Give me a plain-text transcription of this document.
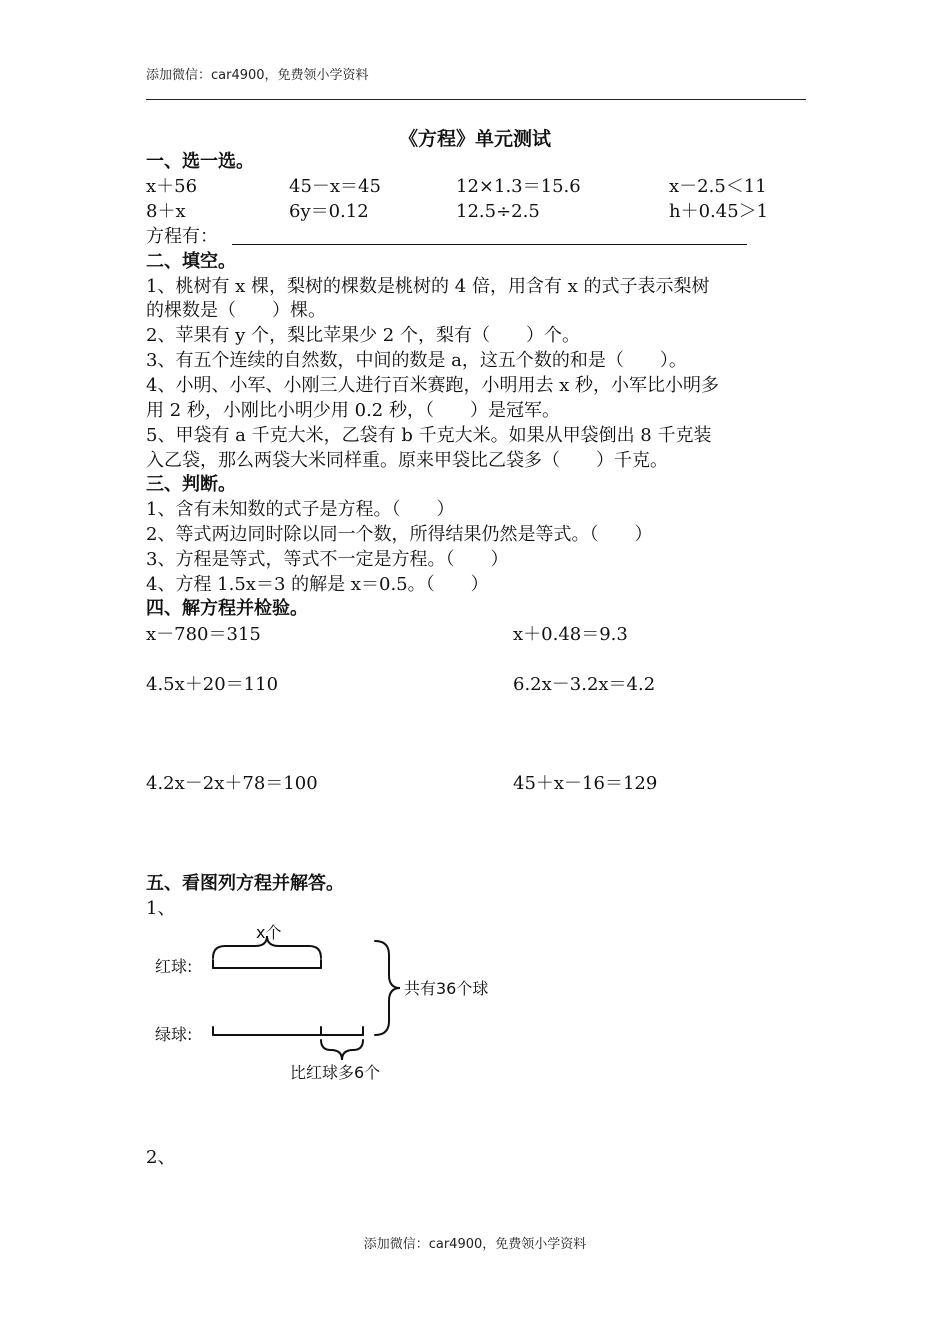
添加微信：car4900，免费领小学资料
《方程》单元测试
一、选一选。
x＋56	45－x＝45	12×1.3＝15.6	x－2.5＜11
8＋x	6y＝0.12	12.5÷2.5	h＋0.45＞1
方程有：
二、填空。
1、桃树有 x 棵，梨树的棵数是桃树的 4 倍，用含有 x 的式子表示梨树
的棵数是（　　）棵。
2、苹果有 y 个，梨比苹果少 2 个，梨有（　　）个。
3、有五个连续的自然数，中间的数是 a，这五个数的和是（　　）。
4、小明、小军、小刚三人进行百米赛跑，小明用去 x 秒，小军比小明多
用 2 秒，小刚比小明少用 0.2 秒，（　　）是冠军。
5、甲袋有 a 千克大米，乙袋有 b 千克大米。如果从甲袋倒出 8 千克装
入乙袋，那么两袋大米同样重。原来甲袋比乙袋多（　　）千克。
三、判断。
1、含有未知数的式子是方程。（　　）
2、等式两边同时除以同一个数，所得结果仍然是等式。（　　）
3、方程是等式，等式不一定是方程。（　　）
4、方程 1.5x＝3 的解是 x＝0.5。（　　）
四、解方程并检验。
x－780＝315	x＋0.48＝9.3
4.5x＋20＝110	6.2x－3.2x＝4.2
4.2x－2x＋78＝100	45＋x－16＝129
五、看图列方程并解答。
1、
x个
红球:
绿球:
共有36个球
比红球多6个
2、
添加微信：car4900，免费领小学资料
